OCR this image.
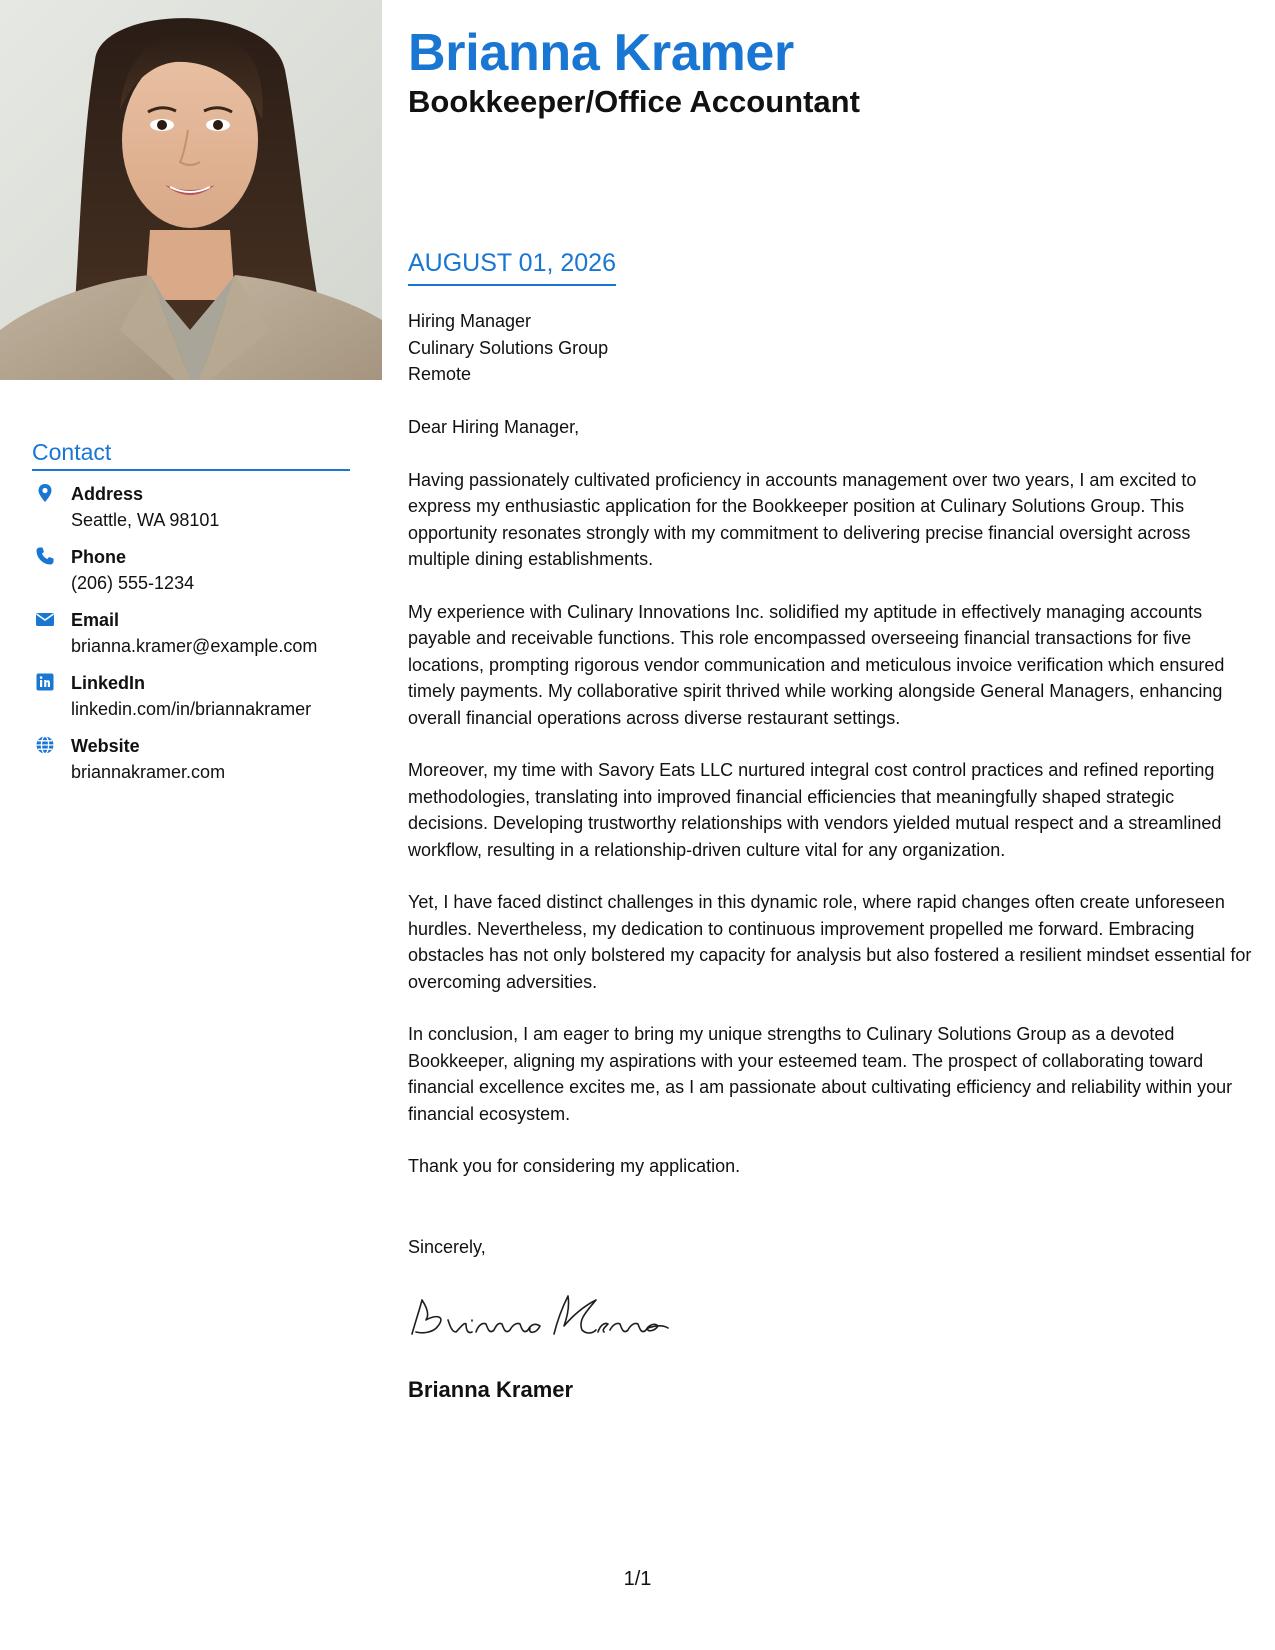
Brianna Kramer
Bookkeeper/Office Accountant
AUGUST 01, 2026
Hiring Manager
Culinary Solutions Group
Remote

Dear Hiring Manager,

Having passionately cultivated proficiency in accounts management over two years, I am excited to express my enthusiastic application for the Bookkeeper position at Culinary Solutions Group. This opportunity resonates strongly with my commitment to delivering precise financial oversight across multiple dining establishments.

My experience with Culinary Innovations Inc. solidified my aptitude in effectively managing accounts payable and receivable functions. This role encompassed overseeing financial transactions for five locations, prompting rigorous vendor communication and meticulous invoice verification which ensured timely payments. My collaborative spirit thrived while working alongside General Managers, enhancing overall financial operations across diverse restaurant settings.

Moreover, my time with Savory Eats LLC nurtured integral cost control practices and refined reporting methodologies, translating into improved financial efficiencies that meaningfully shaped strategic decisions. Developing trustworthy relationships with vendors yielded mutual respect and a streamlined workflow, resulting in a relationship-driven culture vital for any organization.

Yet, I have faced distinct challenges in this dynamic role, where rapid changes often create unforeseen hurdles. Nevertheless, my dedication to continuous improvement propelled me forward. Embracing obstacles has not only bolstered my capacity for analysis but also fostered a resilient mindset essential for overcoming adversities.

In conclusion, I am eager to bring my unique strengths to Culinary Solutions Group as a devoted Bookkeeper, aligning my aspirations with your esteemed team. The prospect of collaborating toward financial excellence excites me, as I am passionate about cultivating efficiency and reliability within your financial ecosystem.

Thank you for considering my application.

Sincerely,
Brianna Kramer
Contact
Address
Seattle, WA 98101
Phone
(206) 555-1234
Email
brianna.kramer@example.com
LinkedIn
linkedin.com/in/briannakramer
Website
briannakramer.com
1/1
